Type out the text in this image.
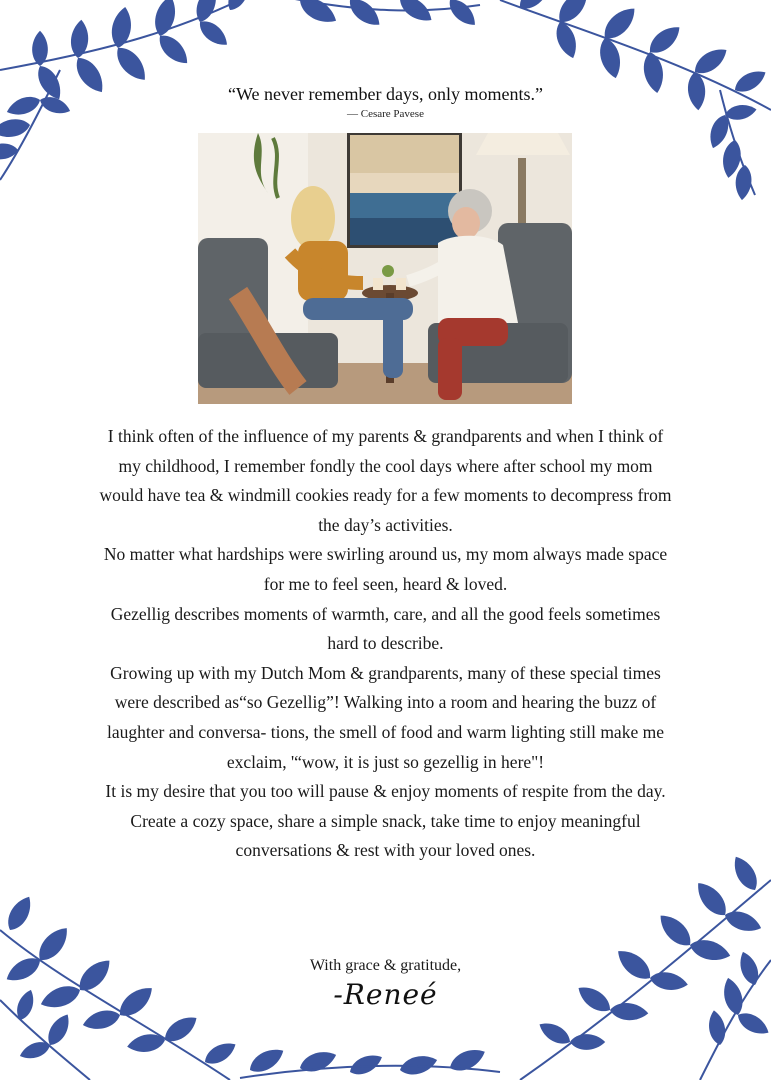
“We never remember days, only moments.”
— Cesare Pavese

I think often of the influence of my parents & grandparents and when I think of my childhood, I remember fondly the cool days where after school my mom would have tea & windmill cookies ready for a few moments to decompress from the day’s activities.

No matter what hardships were swirling around us, my mom always made space for me to feel seen, heard & loved.

Gezellig describes moments of warmth, care, and all the good feels sometimes hard to describe.

Growing up with my Dutch Mom & grandparents, many of these special times were described as“so Gezellig”! Walking into a room and hearing the buzz of laughter and conversa- tions, the smell of food and warm lighting still make me exclaim, '“wow, it is just so gezellig in here"!

It is my desire that you too will pause & enjoy moments of respite from the day. Create a cozy space, share a simple snack, take time to enjoy meaningful conversations & rest with your loved ones.

With grace & gratitude,
-Reneé
